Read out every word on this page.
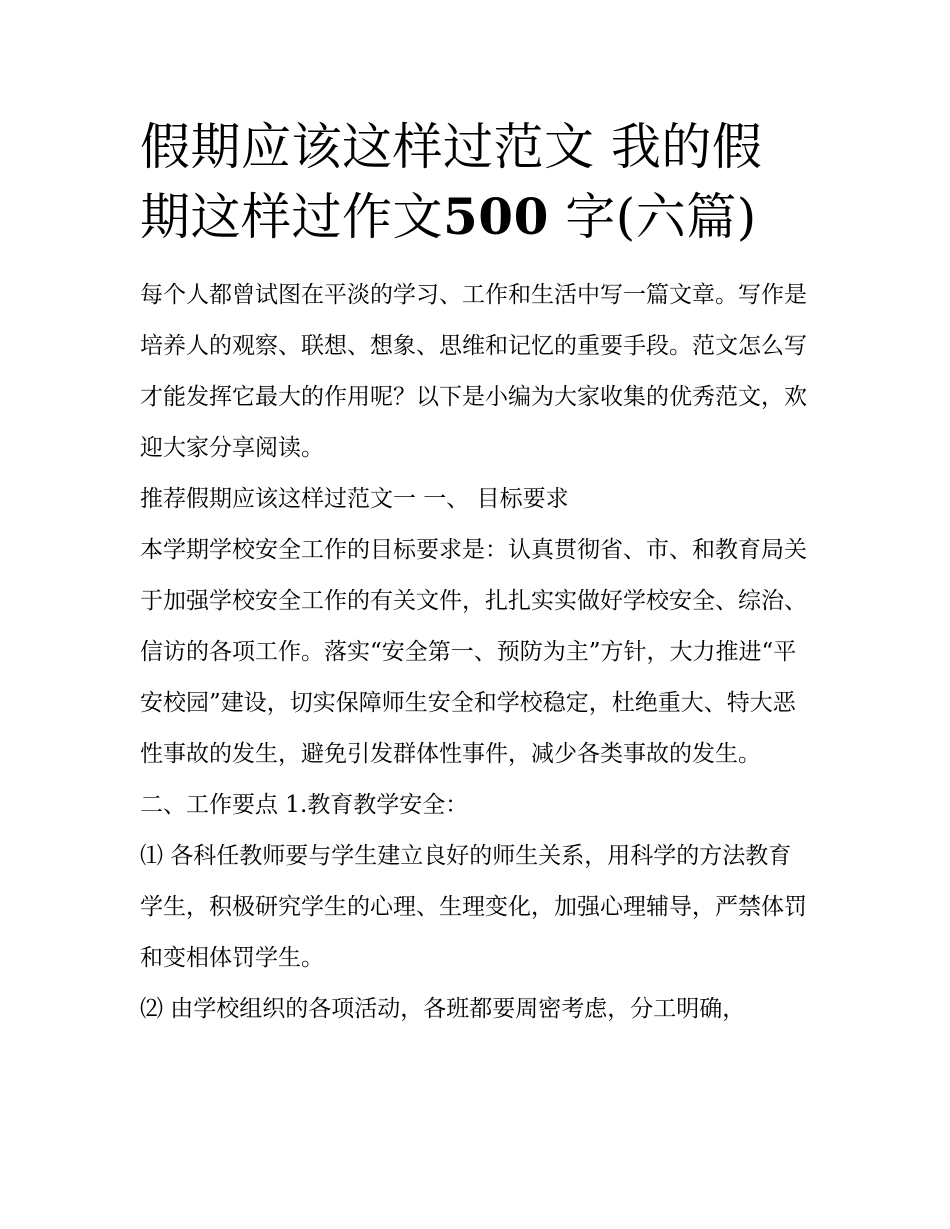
假期应该这样过范文 我的假期这样过作文500 字(六篇)

每个人都曾试图在平淡的学习、工作和生活中写一篇文章。写作是培养人的观察、联想、想象、思维和记忆的重要手段。范文怎么写才能发挥它最大的作用呢？以下是小编为大家收集的优秀范文，欢迎大家分享阅读。

推荐假期应该这样过范文一 一、 目标要求

本学期学校安全工作的目标要求是：认真贯彻省、市、和教育局关于加强学校安全工作的有关文件，扎扎实实做好学校安全、综治、信访的各项工作。落实“安全第一、预防为主”方针，大力推进“平安校园”建设，切实保障师生安全和学校稳定，杜绝重大、特大恶性事故的发生，避免引发群体性事件，减少各类事故的发生。

二、工作要点 1.教育教学安全：

⑴ 各科任教师要与学生建立良好的师生关系，用科学的方法教育学生，积极研究学生的心理、生理变化，加强心理辅导，严禁体罚和变相体罚学生。

⑵ 由学校组织的各项活动，各班都要周密考虑，分工明确，
